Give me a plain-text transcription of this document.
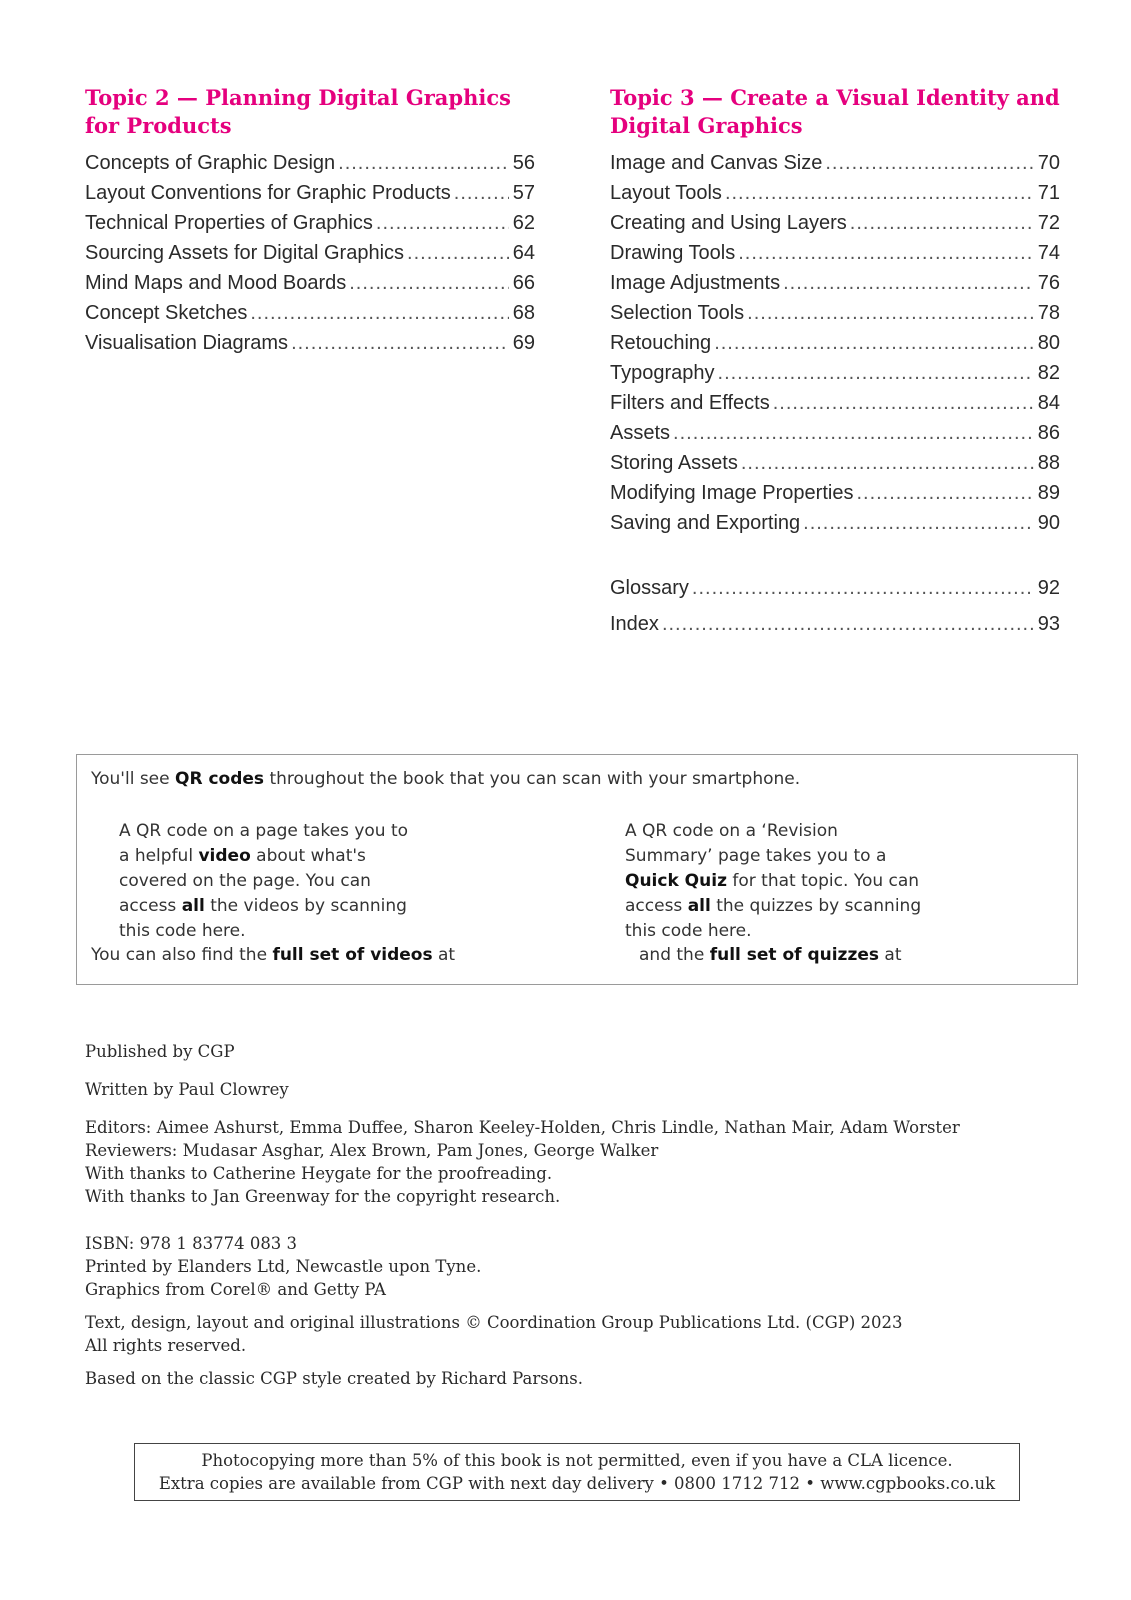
Topic 2 — Planning Digital Graphics for Products
Concepts of Graphic Design .....	56
Layout Conventions for Graphic Products .....	57
Technical Properties of Graphics .....	62
Sourcing Assets for Digital Graphics .....	64
Mind Maps and Mood Boards .....	66
Concept Sketches .....	68
Visualisation Diagrams .....	69
Topic 3 — Create a Visual Identity and Digital Graphics
Image and Canvas Size .....	70
Layout Tools .....	71
Creating and Using Layers .....	72
Drawing Tools .....	74
Image Adjustments .....	76
Selection Tools .....	78
Retouching .....	80
Typography .....	82
Filters and Effects .....	84
Assets .....	86
Storing Assets .....	88
Modifying Image Properties .....	89
Saving and Exporting .....	90
Glossary .....	92
Index .....	93
You'll see QR codes throughout the book that you can scan with your smartphone.
A QR code on a page takes you to a helpful video about what's covered on the page. You can access all the videos by scanning this code here.
A QR code on a ‘Revision Summary’ page takes you to a Quick Quiz for that topic. You can access all the quizzes by scanning this code here.
You can also find the full set of videos at	and the full set of quizzes at
Published by CGP
Written by Paul Clowrey
Editors: Aimee Ashurst, Emma Duffee, Sharon Keeley-Holden, Chris Lindle, Nathan Mair, Adam Worster
Reviewers: Mudasar Asghar, Alex Brown, Pam Jones, George Walker
With thanks to Catherine Heygate for the proofreading.
With thanks to Jan Greenway for the copyright research.
ISBN: 978 1 83774 083 3
Printed by Elanders Ltd, Newcastle upon Tyne.
Graphics from Corel® and Getty PA
Text, design, layout and original illustrations © Coordination Group Publications Ltd. (CGP) 2023
All rights reserved.
Based on the classic CGP style created by Richard Parsons.
Photocopying more than 5% of this book is not permitted, even if you have a CLA licence.
Extra copies are available from CGP with next day delivery • 0800 1712 712 • www.cgpbooks.co.uk
